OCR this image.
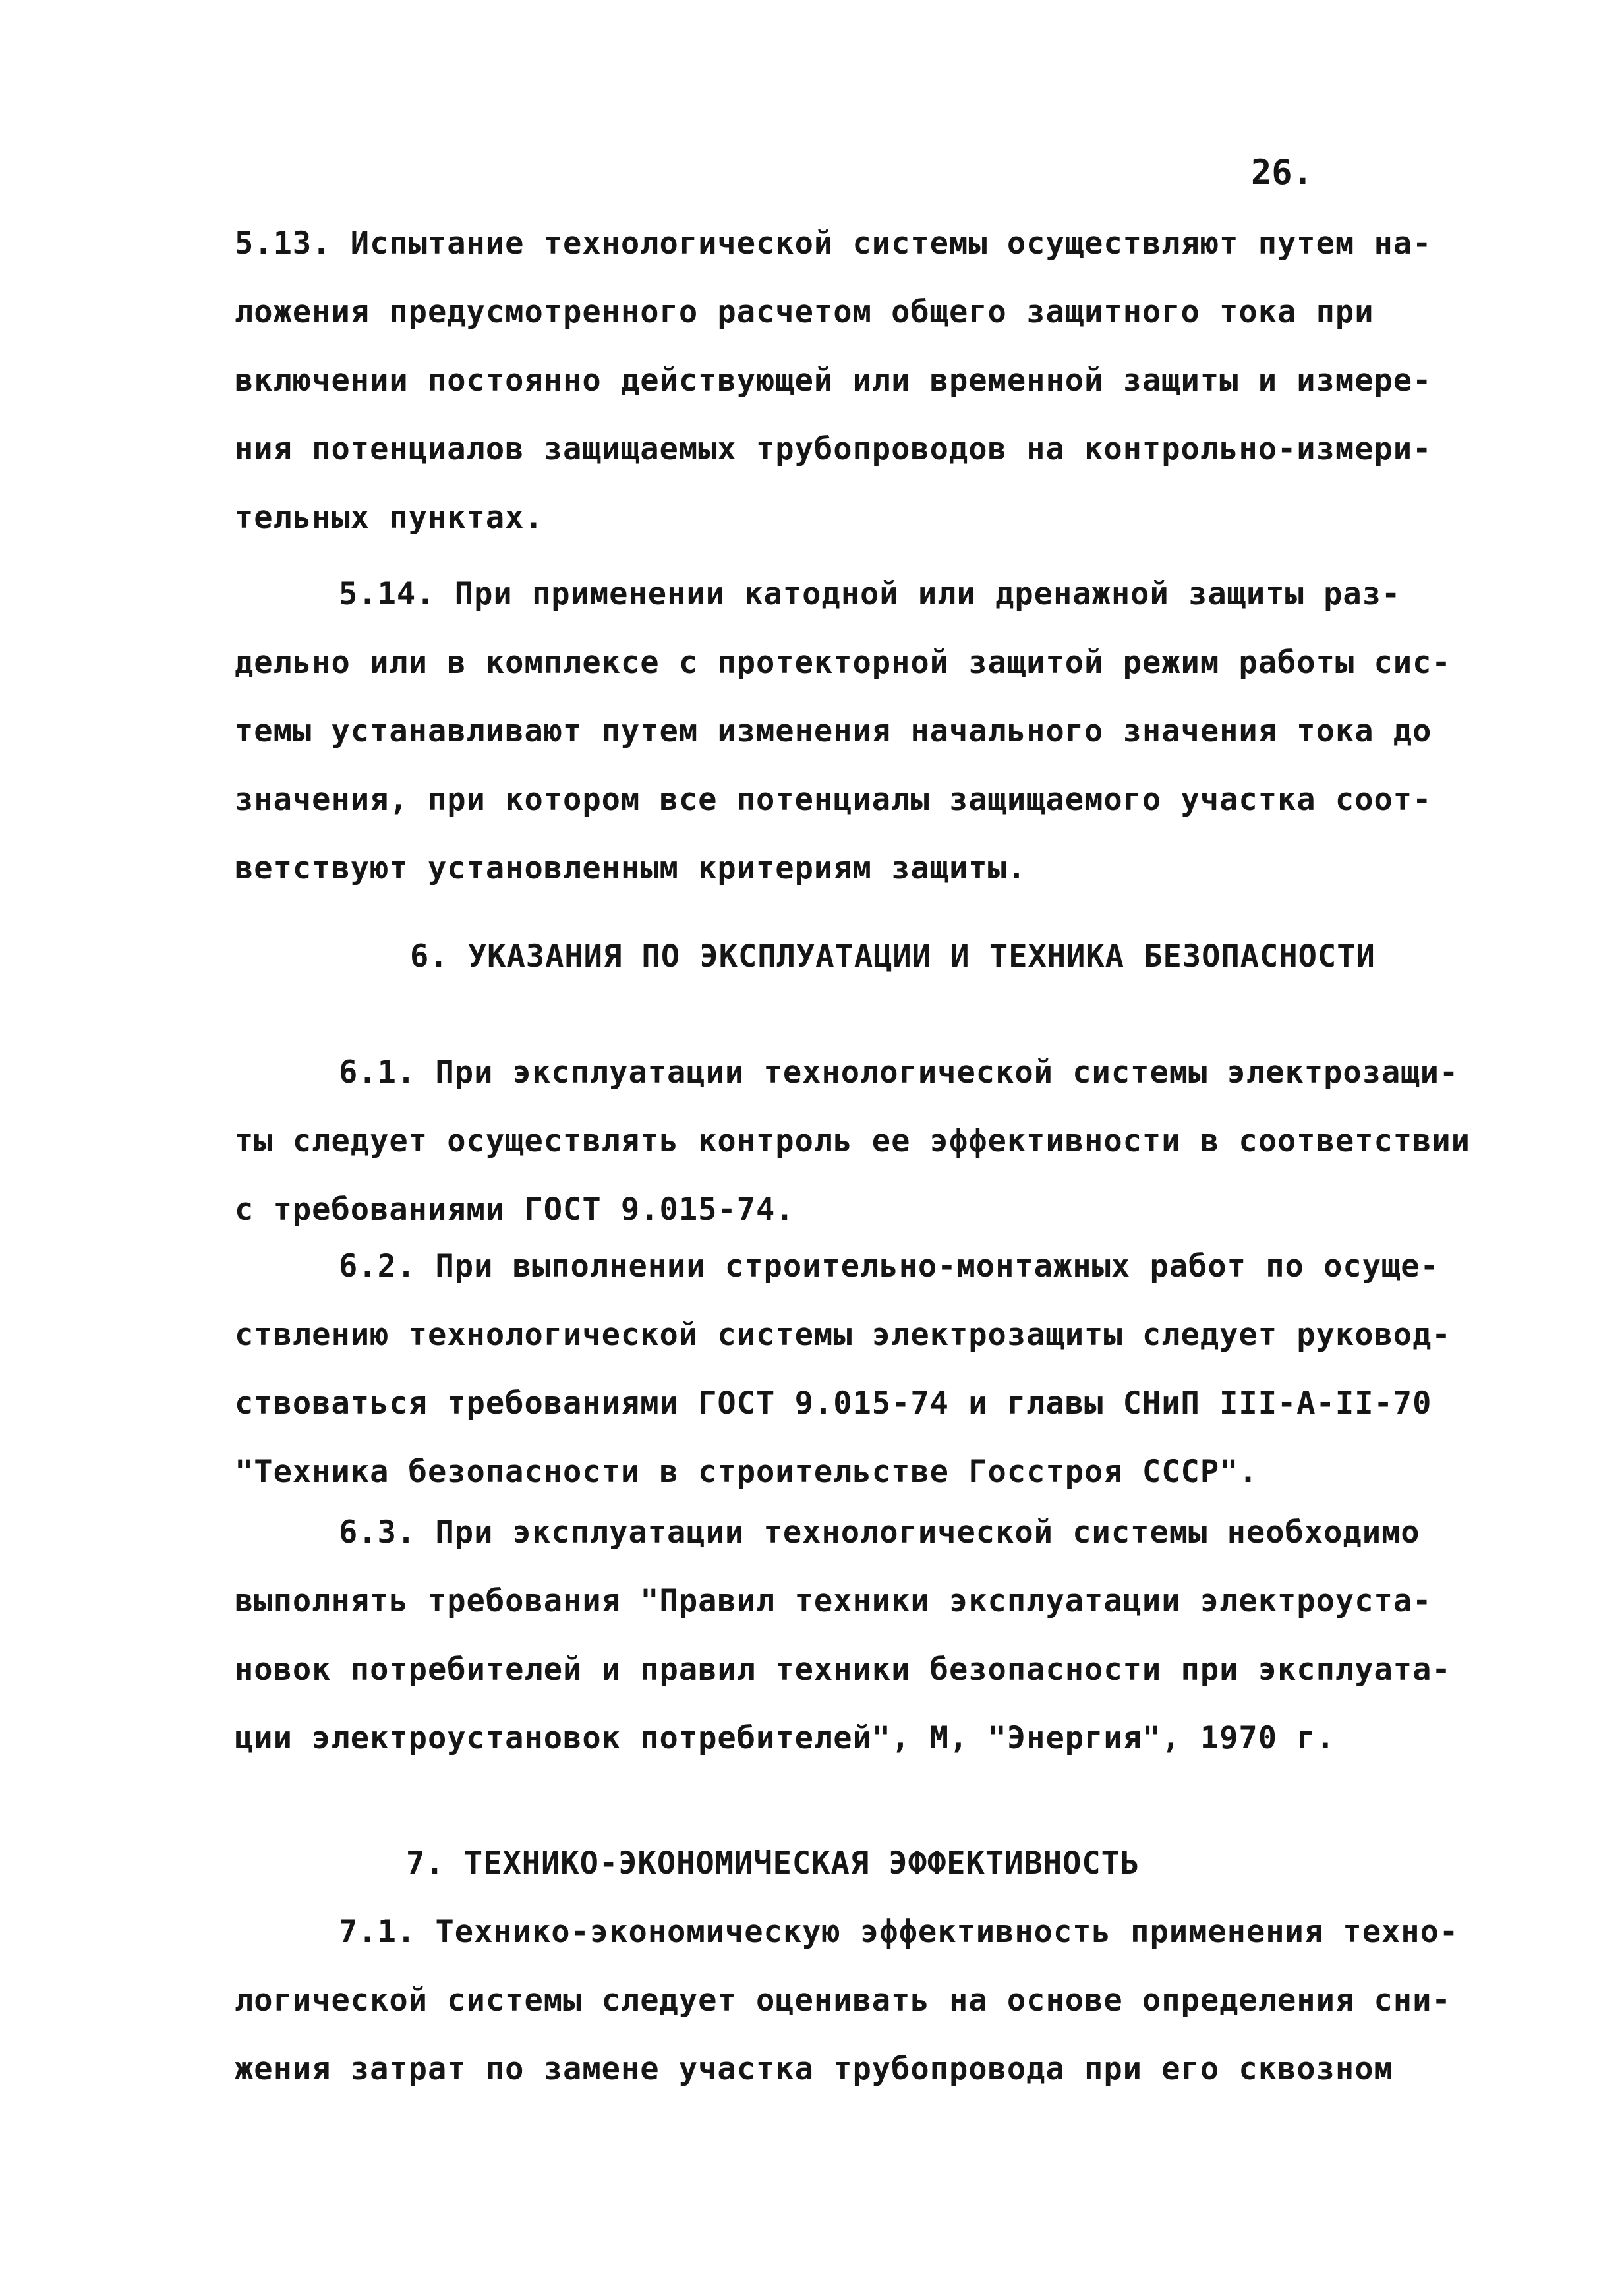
26.
5.13. Испытание технологической системы осуществляют путем на-
ложения предусмотренного расчетом общего защитного тока при
включении постоянно действующей или временной защиты и измере-
ния потенциалов защищаемых трубопроводов на контрольно-измери-
тельных пунктах.
5.14. При применении катодной или дренажной защиты раз-
дельно или в комплексе с протекторной защитой режим работы сис-
темы устанавливают путем изменения начального значения тока до
значения, при котором все потенциалы защищаемого участка соот-
ветствуют установленным критериям защиты.
6. УКАЗАНИЯ ПО ЭКСПЛУАТАЦИИ И ТЕХНИКА БЕЗОПАСНОСТИ
6.1. При эксплуатации технологической системы электрозащи-
ты следует осуществлять контроль ее эффективности в соответствии
с требованиями ГОСТ 9.015-74.
6.2. При выполнении строительно-монтажных работ по осуще-
ствлению технологической системы электрозащиты следует руковод-
ствоваться требованиями ГОСТ 9.015-74 и главы СНиП III-А-II-70
"Техника безопасности в строительстве Госстроя СССР".
6.3. При эксплуатации технологической системы необходимо
выполнять требования "Правил техники эксплуатации электроуста-
новок потребителей и правил техники безопасности при эксплуата-
ции электроустановок потребителей", М, "Энергия", 1970 г.
7. ТЕХНИКО-ЭКОНОМИЧЕСКАЯ ЭФФЕКТИВНОСТЬ
7.1. Технико-экономическую эффективность применения техно-
логической системы следует оценивать на основе определения сни-
жения затрат по замене участка трубопровода при его сквозном
